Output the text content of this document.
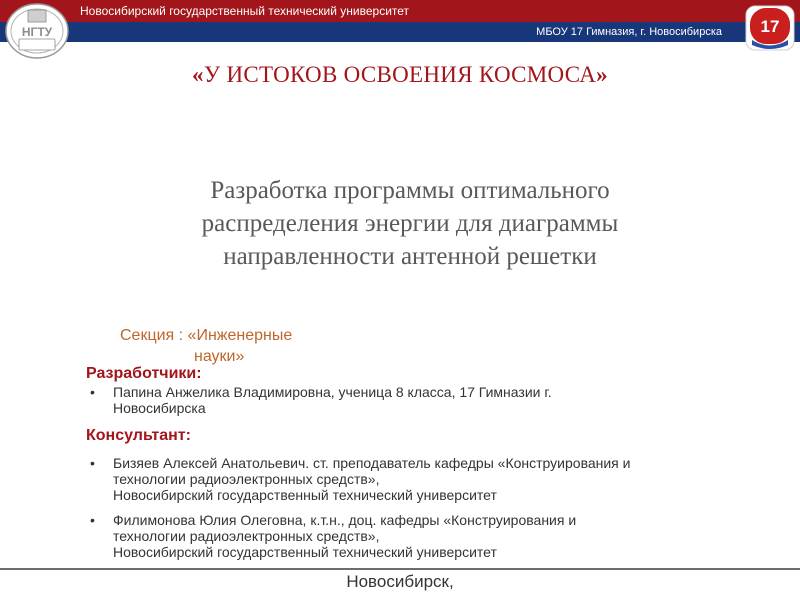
НГТУ
Новосибирский государственный технический университет
МБОУ 17 Гимназия, г. Новосибирска 17
«У ИСТОКОВ ОСВОЕНИЯ КОСМОСА»
Разработка программы оптимального
распределения энергии для диаграммы
направленности антенной решетки
Секция : «Инженерные
науки»

Разработчики:

• Папина Анжелика Владимировна, ученица 8 класса, 17 Гимназии г.
Новосибирска

Консультант:

• Бизяев Алексей Анатольевич. ст. преподаватель кафедры «Конструирования и
технологии радиоэлектронных средств»,
Новосибирский государственный технический университет
• Филимонова Юлия Олеговна, к.т.н., доц. кафедры «Конструирования и
технологии радиоэлектронных средств»,
Новосибирский государственный технический университет
Новосибирск,
